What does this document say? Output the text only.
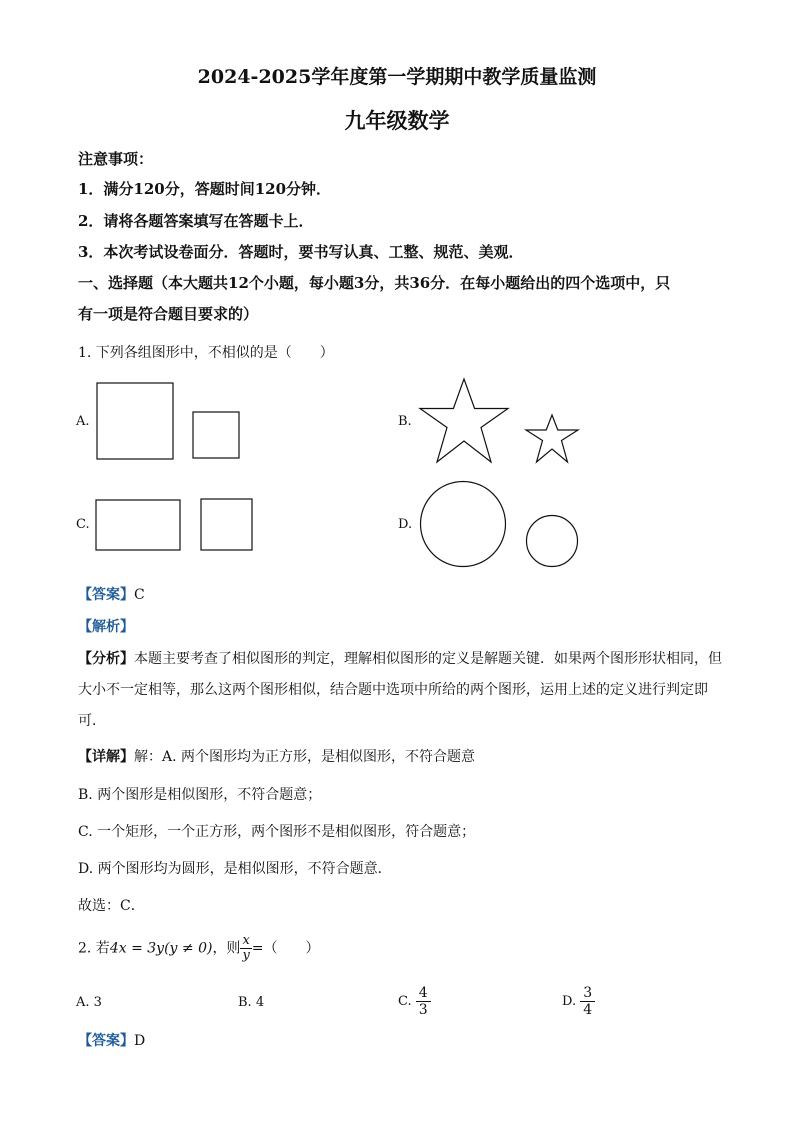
2024-2025学年度第一学期期中教学质量监测
九年级数学
注意事项：
1．满分120分，答题时间120分钟．
2．请将各题答案填写在答题卡上．
3．本次考试设卷面分．答题时，要书写认真、工整、规范、美观．
一、选择题（本大题共12个小题，每小题3分，共36分．在每小题给出的四个选项中，只
有一项是符合题目要求的）
1. 下列各组图形中，不相似的是（　　）
A.	B.
C.	D.
【答案】C
【解析】
【分析】本题主要考查了相似图形的判定，理解相似图形的定义是解题关键．如果两个图形形状相同，但
大小不一定相等，那么这两个图形相似，结合题中选项中所给的两个图形，运用上述的定义进行判定即
可．
【详解】解：A. 两个图形均为正方形，是相似图形，不符合题意
B. 两个图形是相似图形，不符合题意；
C. 一个矩形，一个正方形，两个图形不是相似图形，符合题意；
D. 两个图形均为圆形，是相似图形，不符合题意．
故选：C．
2. 若4x = 3y(y ≠ 0)，则 $\frac{x}{y}$ =（　　）
A. 3	B. 4	C. $\frac{4}{3}$	D. $\frac{3}{4}$
【答案】D
